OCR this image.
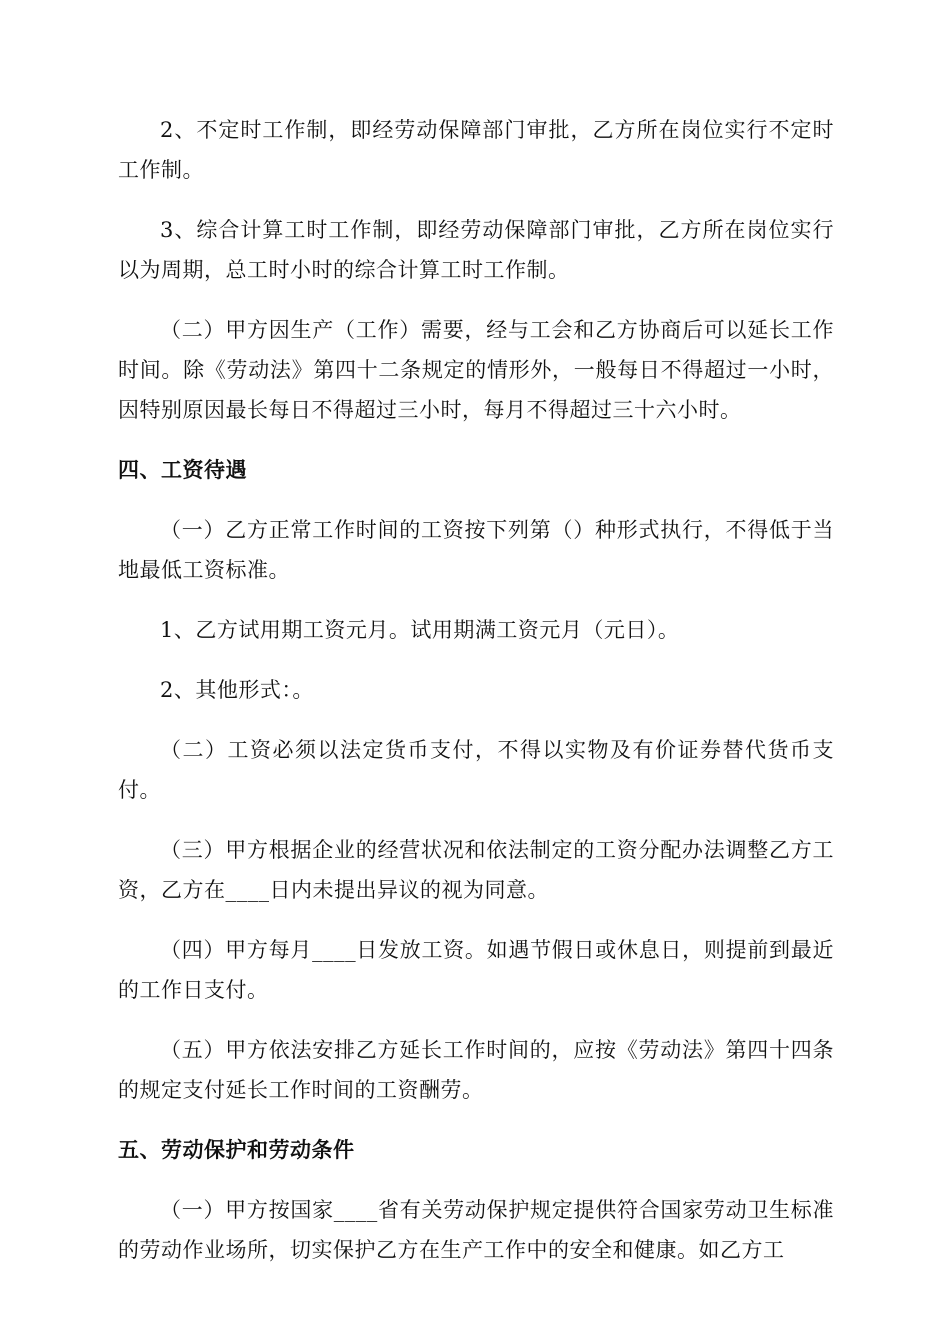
2、不定时工作制，即经劳动保障部门审批，乙方所在岗位实行不定时工作制。

3、综合计算工时工作制，即经劳动保障部门审批，乙方所在岗位实行以为周期，总工时小时的综合计算工时工作制。

（二）甲方因生产（工作）需要，经与工会和乙方协商后可以延长工作时间。除《劳动法》第四十二条规定的情形外，一般每日不得超过一小时，因特别原因最长每日不得超过三小时，每月不得超过三十六小时。

四、工资待遇

（一）乙方正常工作时间的工资按下列第（）种形式执行，不得低于当地最低工资标准。

1、乙方试用期工资元月。试用期满工资元月（元日）。

2、其他形式：。

（二）工资必须以法定货币支付，不得以实物及有价证券替代货币支付。

（三）甲方根据企业的经营状况和依法制定的工资分配办法调整乙方工资，乙方在____日内未提出异议的视为同意。

（四）甲方每月____日发放工资。如遇节假日或休息日，则提前到最近的工作日支付。

（五）甲方依法安排乙方延长工作时间的，应按《劳动法》第四十四条的规定支付延长工作时间的工资酬劳。

五、劳动保护和劳动条件

（一）甲方按国家____省有关劳动保护规定提供符合国家劳动卫生标准的劳动作业场所，切实保护乙方在生产工作中的安全和健康。如乙方工
